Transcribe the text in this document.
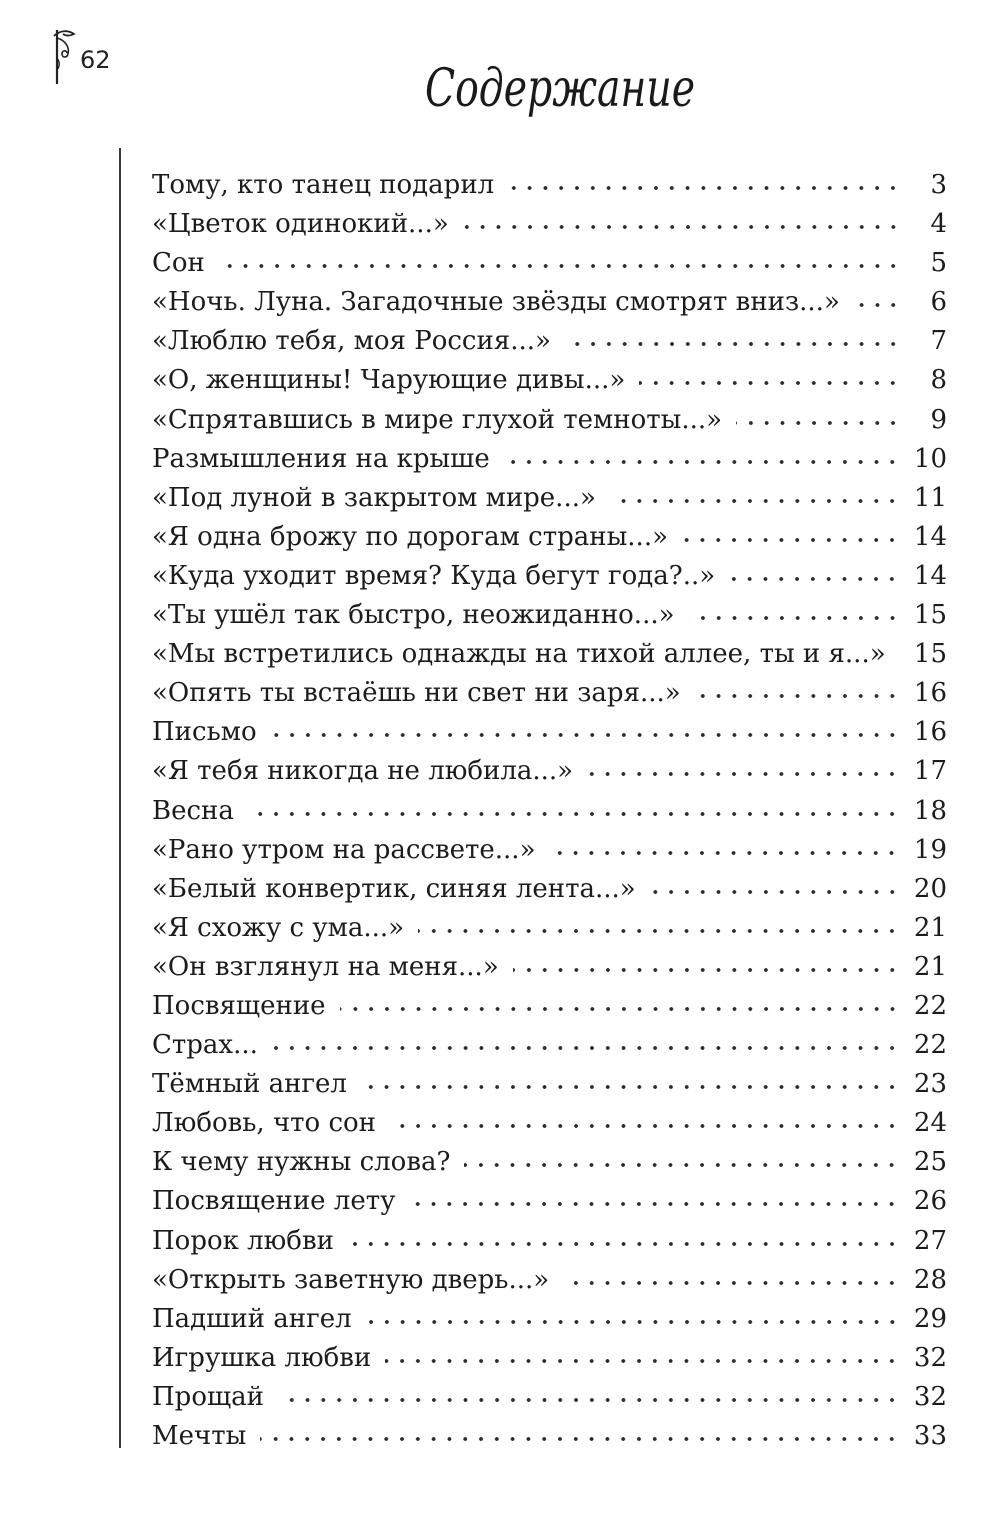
62	Содержание
Тому, кто танец подарил	3
«Цветок одинокий...»	4
Сон	5
«Ночь. Луна. Загадочные звёзды смотрят вниз...»	6
«Люблю тебя, моя Россия...»	7
«О, женщины! Чарующие дивы...»	8
«Спрятавшись в мире глухой темноты...»	9
Размышления на крыше	10
«Под луной в закрытом мире...»	11
«Я одна брожу по дорогам страны...»	14
«Куда уходит время? Куда бегут года?..»	14
«Ты ушёл так быстро, неожиданно...»	15
«Мы встретились однажды на тихой аллее, ты и я...» 15
«Опять ты встаёшь ни свет ни заря...»	16
Письмо	16
«Я тебя никогда не любила...»	17
Весна	18
«Рано утром на рассвете...»	19
«Белый конвертик, синяя лента...»	20
«Я схожу с ума...»	21
«Он взглянул на меня...»	21
Посвящение	22
Страх...	22
Тёмный ангел	23
Любовь, что сон	24
К чему нужны слова?	25
Посвящение лету	26
Порок любви	27
«Открыть заветную дверь...»	28
Падший ангел	29
Игрушка любви	32
Прощай	32
Мечты	33
